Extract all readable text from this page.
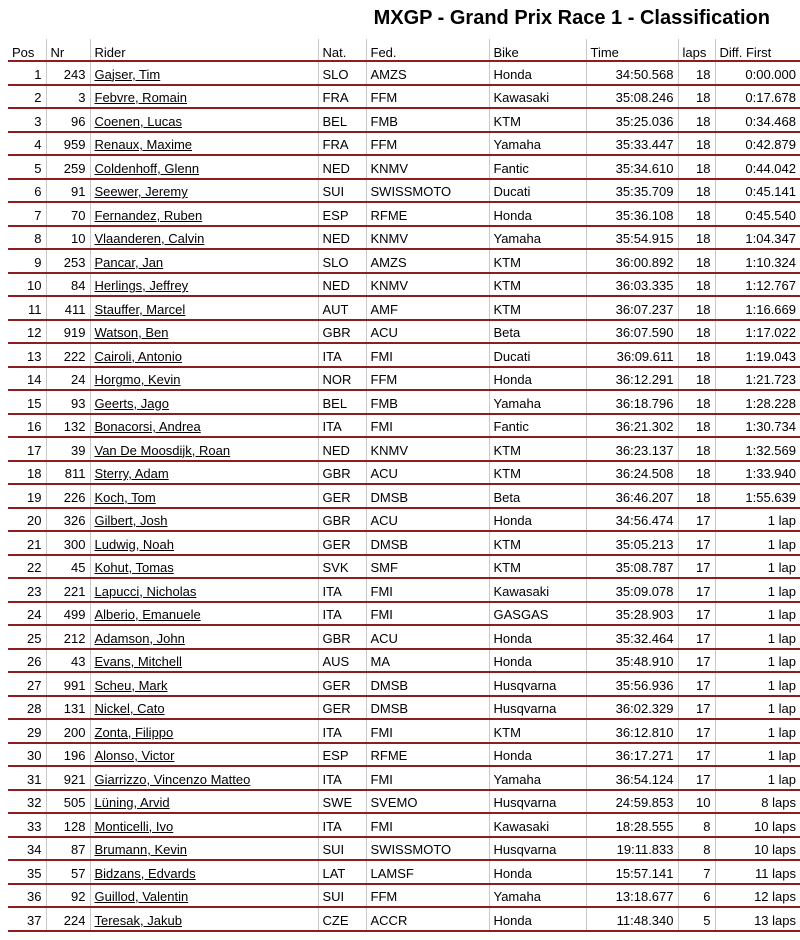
MXGP - Grand Prix Race 1 - Classification
Pos	Nr	Rider	Nat.	Fed.	Bike	Time	laps	Diff. First
1	243	Gajser, Tim	SLO	AMZS	Honda	34:50.568	18	0:00.000
2	3	Febvre, Romain	FRA	FFM	Kawasaki	35:08.246	18	0:17.678
3	96	Coenen, Lucas	BEL	FMB	KTM	35:25.036	18	0:34.468
4	959	Renaux, Maxime	FRA	FFM	Yamaha	35:33.447	18	0:42.879
5	259	Coldenhoff, Glenn	NED	KNMV	Fantic	35:34.610	18	0:44.042
6	91	Seewer, Jeremy	SUI	SWISSMOTO	Ducati	35:35.709	18	0:45.141
7	70	Fernandez, Ruben	ESP	RFME	Honda	35:36.108	18	0:45.540
8	10	Vlaanderen, Calvin	NED	KNMV	Yamaha	35:54.915	18	1:04.347
9	253	Pancar, Jan	SLO	AMZS	KTM	36:00.892	18	1:10.324
10	84	Herlings, Jeffrey	NED	KNMV	KTM	36:03.335	18	1:12.767
11	411	Stauffer, Marcel	AUT	AMF	KTM	36:07.237	18	1:16.669
12	919	Watson, Ben	GBR	ACU	Beta	36:07.590	18	1:17.022
13	222	Cairoli, Antonio	ITA	FMI	Ducati	36:09.611	18	1:19.043
14	24	Horgmo, Kevin	NOR	FFM	Honda	36:12.291	18	1:21.723
15	93	Geerts, Jago	BEL	FMB	Yamaha	36:18.796	18	1:28.228
16	132	Bonacorsi, Andrea	ITA	FMI	Fantic	36:21.302	18	1:30.734
17	39	Van De Moosdijk, Roan	NED	KNMV	KTM	36:23.137	18	1:32.569
18	811	Sterry, Adam	GBR	ACU	KTM	36:24.508	18	1:33.940
19	226	Koch, Tom	GER	DMSB	Beta	36:46.207	18	1:55.639
20	326	Gilbert, Josh	GBR	ACU	Honda	34:56.474	17	1 lap
21	300	Ludwig, Noah	GER	DMSB	KTM	35:05.213	17	1 lap
22	45	Kohut, Tomas	SVK	SMF	KTM	35:08.787	17	1 lap
23	221	Lapucci, Nicholas	ITA	FMI	Kawasaki	35:09.078	17	1 lap
24	499	Alberio, Emanuele	ITA	FMI	GASGAS	35:28.903	17	1 lap
25	212	Adamson, John	GBR	ACU	Honda	35:32.464	17	1 lap
26	43	Evans, Mitchell	AUS	MA	Honda	35:48.910	17	1 lap
27	991	Scheu, Mark	GER	DMSB	Husqvarna	35:56.936	17	1 lap
28	131	Nickel, Cato	GER	DMSB	Husqvarna	36:02.329	17	1 lap
29	200	Zonta, Filippo	ITA	FMI	KTM	36:12.810	17	1 lap
30	196	Alonso, Victor	ESP	RFME	Honda	36:17.271	17	1 lap
31	921	Giarrizzo, Vincenzo Matteo	ITA	FMI	Yamaha	36:54.124	17	1 lap
32	505	Lüning, Arvid	SWE	SVEMO	Husqvarna	24:59.853	10	8 laps
33	128	Monticelli, Ivo	ITA	FMI	Kawasaki	18:28.555	8	10 laps
34	87	Brumann, Kevin	SUI	SWISSMOTO	Husqvarna	19:11.833	8	10 laps
35	57	Bidzans, Edvards	LAT	LAMSF	Honda	15:57.141	7	11 laps
36	92	Guillod, Valentin	SUI	FFM	Yamaha	13:18.677	6	12 laps
37	224	Teresak, Jakub	CZE	ACCR	Honda	11:48.340	5	13 laps
